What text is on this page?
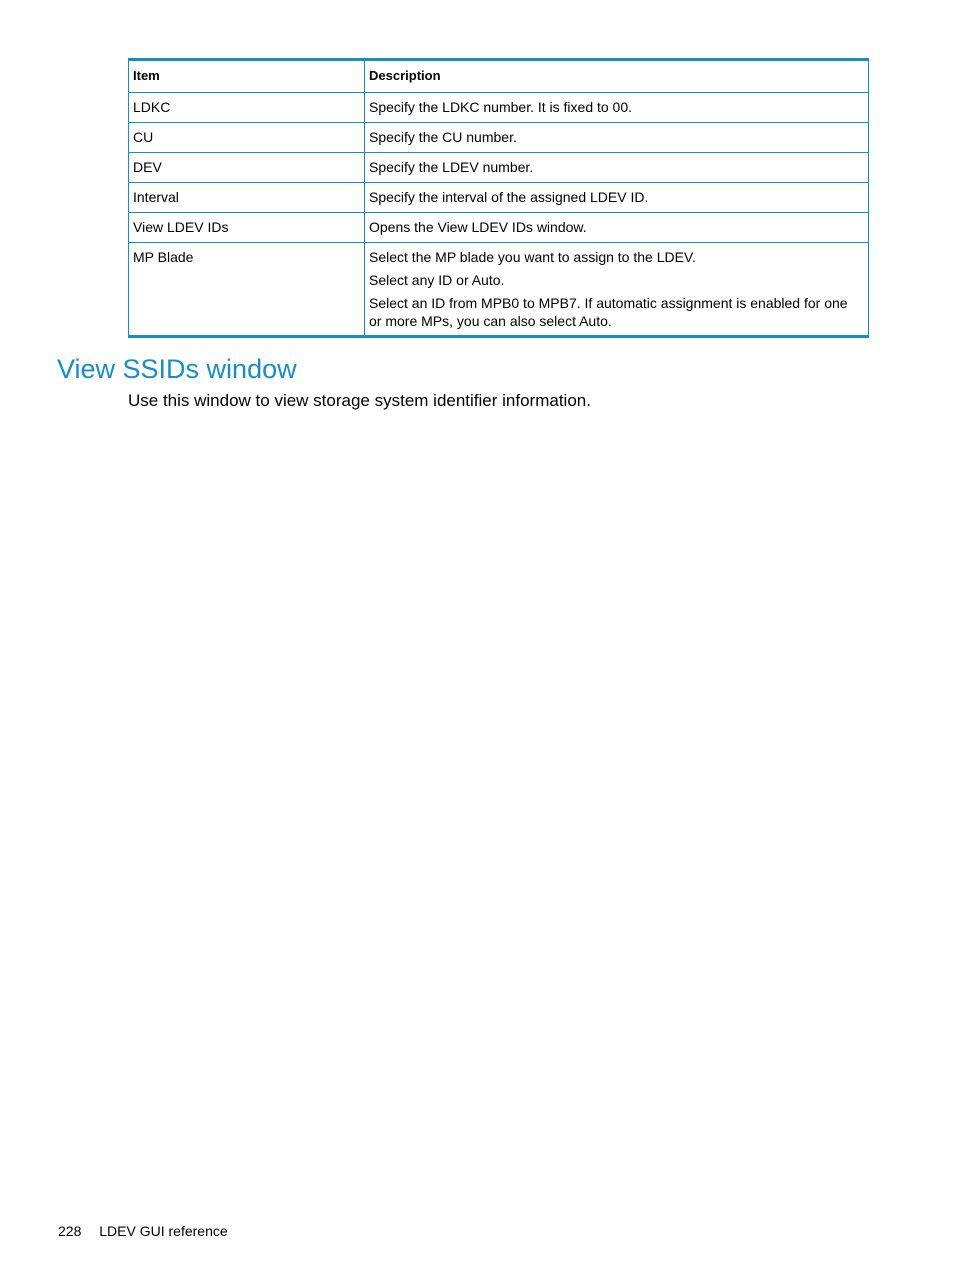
Item	Description
LDKC	Specify the LDKC number. It is fixed to 00.

CU	Specify the CU number.

DEV	Specify the LDEV number.

Interval	Specify the interval of the assigned LDEV ID.

View LDEV IDs	Opens the View LDEV IDs window.

MP Blade	Select the MP blade you want to assign to the LDEV.

Select any ID or Auto.

Select an ID from MPB0 to MPB7. If automatic assignment is enabled for one or more MPs, you can also select Auto.

View SSIDs window

Use this window to view storage system identifier information.

228 LDEV GUI reference
